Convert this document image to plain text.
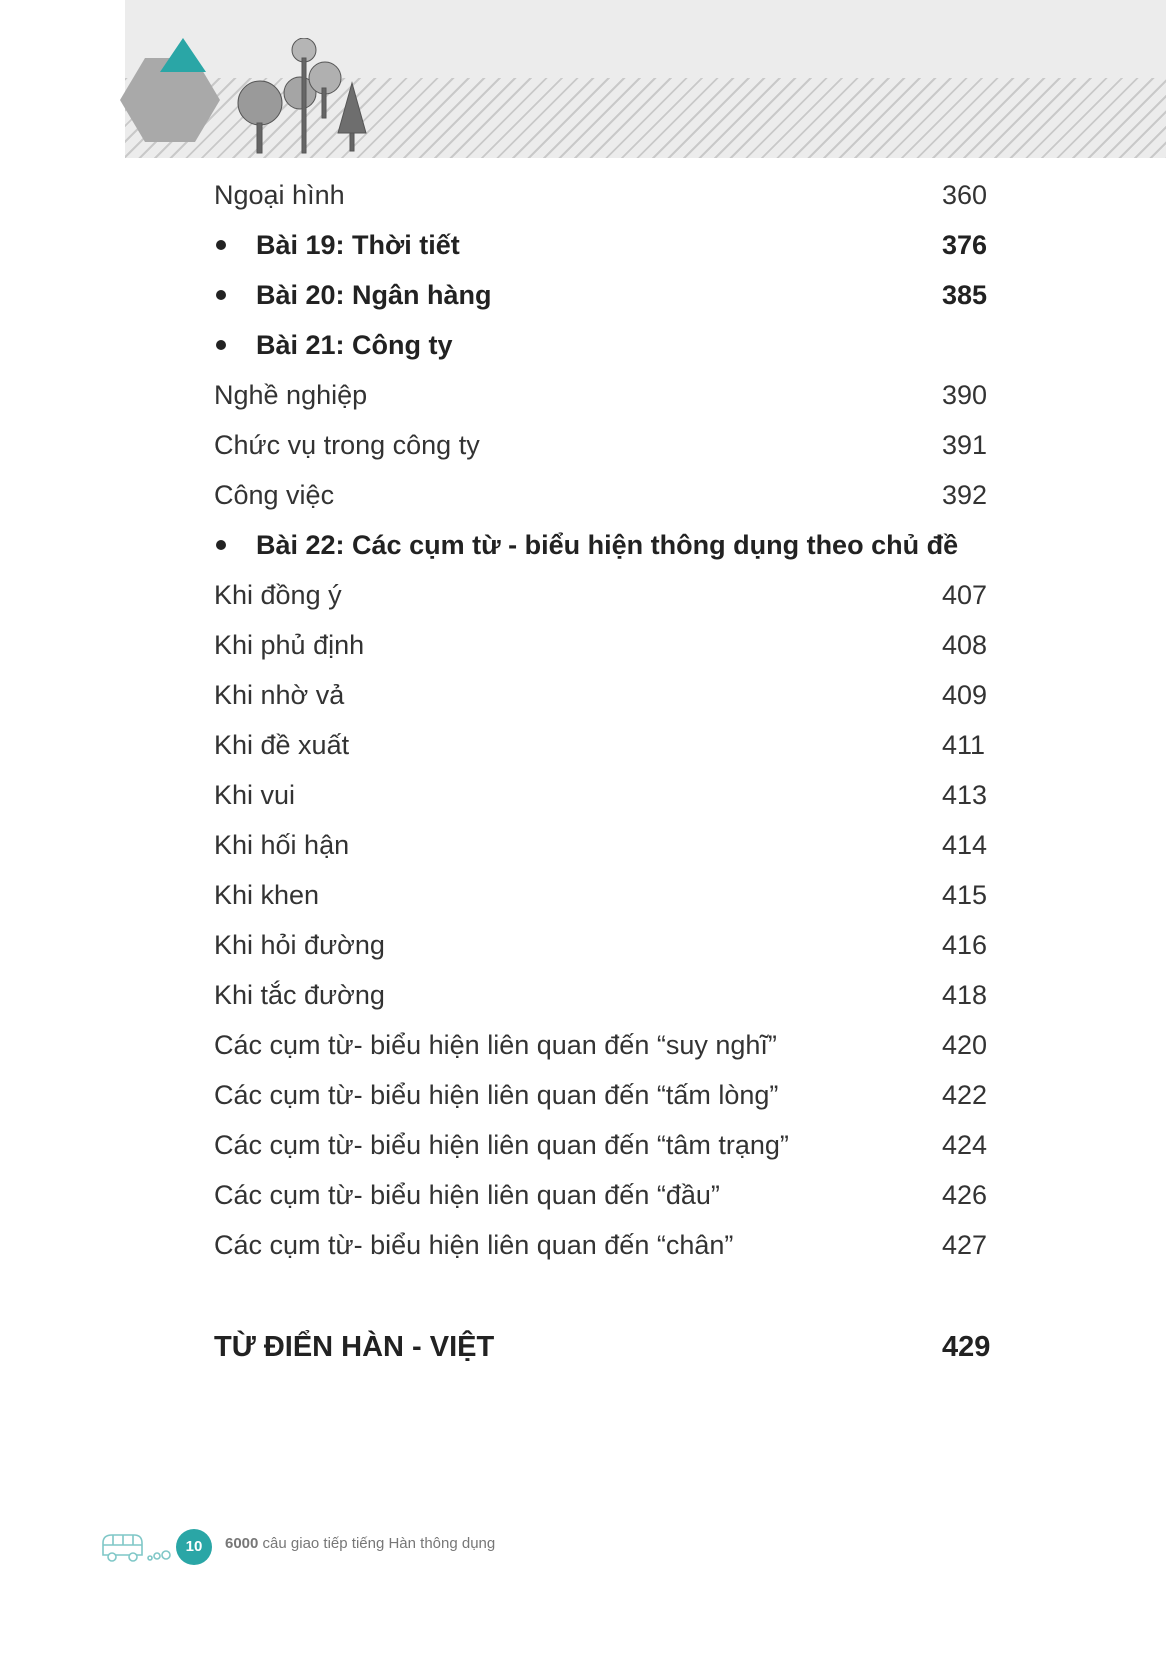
Ngoại hình	360
Bài 19: Thời tiết	376
Bài 20: Ngân hàng	385
Bài 21: Công ty
Nghề nghiệp	390
Chức vụ trong công ty	391
Công việc	392
Bài 22: Các cụm từ - biểu hiện thông dụng theo chủ đề
Khi đồng ý	407
Khi phủ định	408
Khi nhờ vả	409
Khi đề xuất	411
Khi vui	413
Khi hối hận	414
Khi khen	415
Khi hỏi đường	416
Khi tắc đường	418
Các cụm từ- biểu hiện liên quan đến “suy nghĩ”	420
Các cụm từ- biểu hiện liên quan đến “tấm lòng”	422
Các cụm từ- biểu hiện liên quan đến “tâm trạng”	424
Các cụm từ- biểu hiện liên quan đến “đầu”	426
Các cụm từ- biểu hiện liên quan đến “chân”	427
TỪ ĐIỂN HÀN - VIỆT	429
10	6000 câu giao tiếp tiếng Hàn thông dụng
